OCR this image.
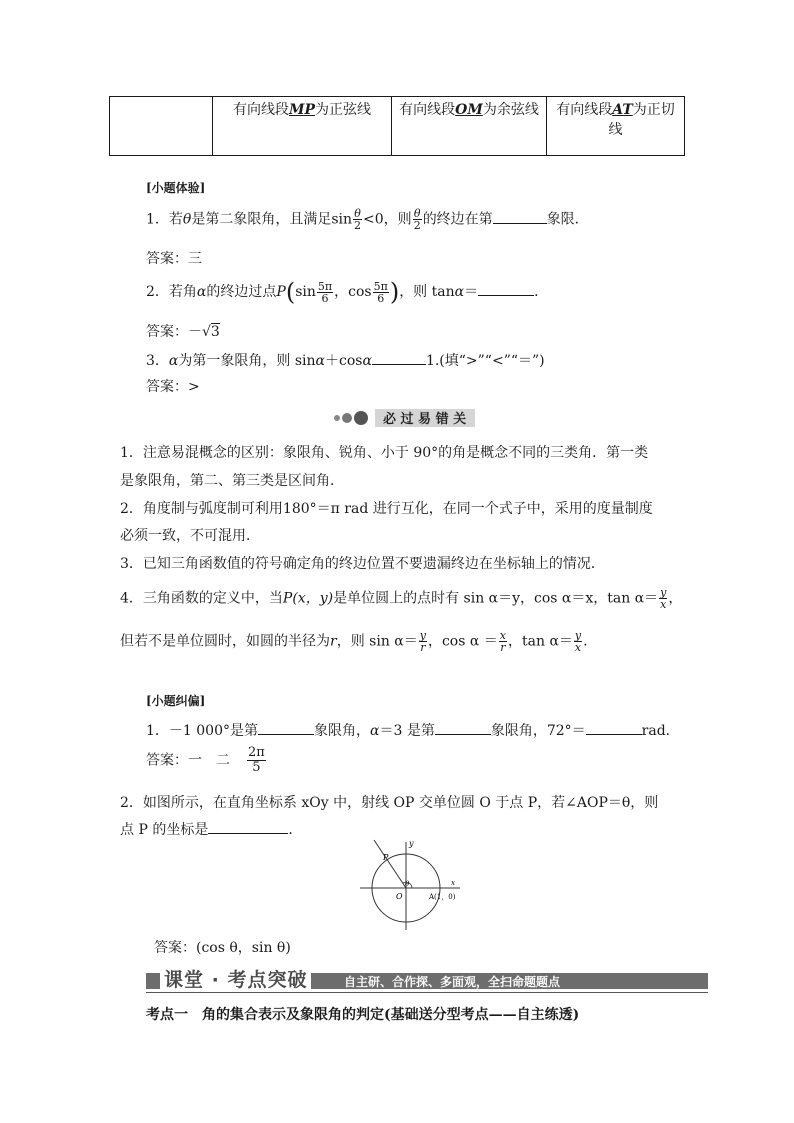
	有向线段MP为正弦线	有向线段OM为余弦线	有向线段AT为正切
线
[小题体验]
1．若θ是第二象限角，且满足$\sin \frac{\theta}{2} <0$，则 $\frac{\theta}{2}$ 的终边在第	象限．
答案：三
2．若角α的终边过点$P(\sin \frac{5\pi}{6}$ ，$\cos \frac{5\pi}{6}$ )，则 tanα＝	．
答案：－√3
3．α为第一象限角，则 sinα＋cosα	1.(填“>”“<”“＝”)
答案：>
必 过 易 错 关
1．注意易混概念的区别：象限角、锐角、小于 90°的角是概念不同的三类角．第一类
是象限角，第二、第三类是区间角．
2．角度制与弧度制可利用180°＝π rad 进行互化，在同一个式子中，采用的度量制度
必须一致，不可混用．
3．已知三角函数值的符号确定角的终边位置不要遗漏终边在坐标轴上的情况．
4．三角函数的定义中，当P(x，y)是单位圆上的点时有 sin α＝y，cos α＝x，$\tan \alpha= \frac{y}{x}$ ，
但若不是单位圆时，如圆的半径为r，则 $\sin \alpha= \frac{y}{r}$ ，$\cos \alpha = \frac{x}{r}$ ，$\tan \alpha= \frac{y}{x}$ .
[小题纠偏]
1．－1 000°是第	象限角，α＝3 是第	象限角，72°＝	rad.
答案：一　二 $\frac{2\pi}{5}$
2．如图所示，在直角坐标系 xOy 中，射线 OP 交单位圆 O 于点 P，若∠AOP＝θ，则
点 P 的坐标是	．
y
P
θ
O	A(1，0)
x
答案：(cos θ，sin θ)
课堂 · 考点突破	自主研、合作探、多面观，全扫命题题点
考点一　角的集合表示及象限角的判定(基础送分型考点——自主练透)
